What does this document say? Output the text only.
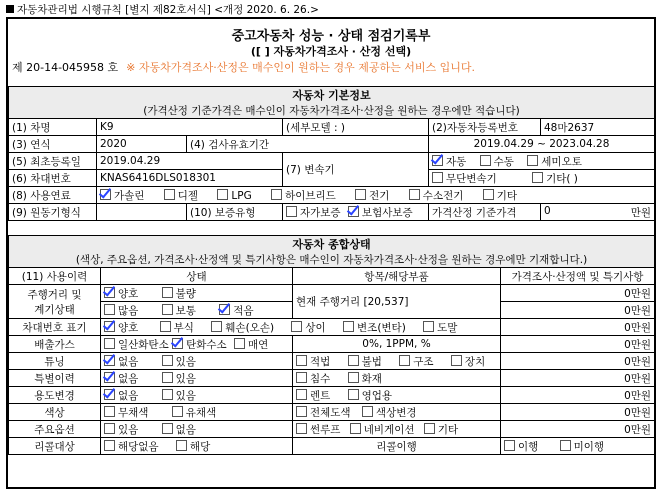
자동차관리법 시행규칙 [별지 제82호서식] <개정 2020. 6. 26.>
중고자동차 성능 · 상태 점검기록부
([ ] 자동차가격조사 · 산정 선택)
제 20-14-045958 호 ※ 자동차가격조사·산정은 매수인이 원하는 경우 제공하는 서비스 입니다.
자동차 기본정보					
(가격산정 기준가격은 매수인이 자동차가격조사·산정을 원하는 경우에만 적습니다)					
(1) 차명	K9		(세부모델 : )	(2)자동차등록번호	48마2637
(3) 연식	2020	(4) 검사유효기간		2019.04.29 ~ 2023.04.28	
(5) 최초등록일	2019.04.29		(7) 변속기	자동 수동 세미오토	
(6) 차대번호	KNAS6416DLS018301			무단변속기 기타( )	
(8) 사용연료	가솔린 디젤 LPG 하이브리드 전기 수소전기 기타				
(9) 원동기형식		(10) 보증유형	자가보증 보험사보증	가격산정 기준가격	0 만원
자동차 종합상태			
(색상, 주요옵션, 가격조사·산정액 및 특기사항은 매수인이 자동차가격조사·산정을 원하는 경우에만 기재합니다.)			
(11) 사용이력	상태	항목/해당부품	가격조사·산정액 및 특기사항
주행거리 및
계기상태	양호 불량	현재 주행거리 [20,537]	0만원
	많음 보통 적음		0만원
차대번호 표기	양호 부식 훼손(오손) 상이 변조(변타) 도말		0만원
배출가스	일산화탄소 탄화수소 매연	0%, 1PPM, %	0만원
튜닝	없음 있음	적법 불법 구조 장치	0만원
특별이력	없음 있음	침수 화재	0만원
용도변경	없음 있음	렌트 영업용	0만원
색상	무채색 유채색	전체도색 색상변경	0만원
주요옵션	있음 없음	썬루프 네비게이션 기타	0만원
리콜대상	해당없음 해당	리콜이행	이행 미이행
